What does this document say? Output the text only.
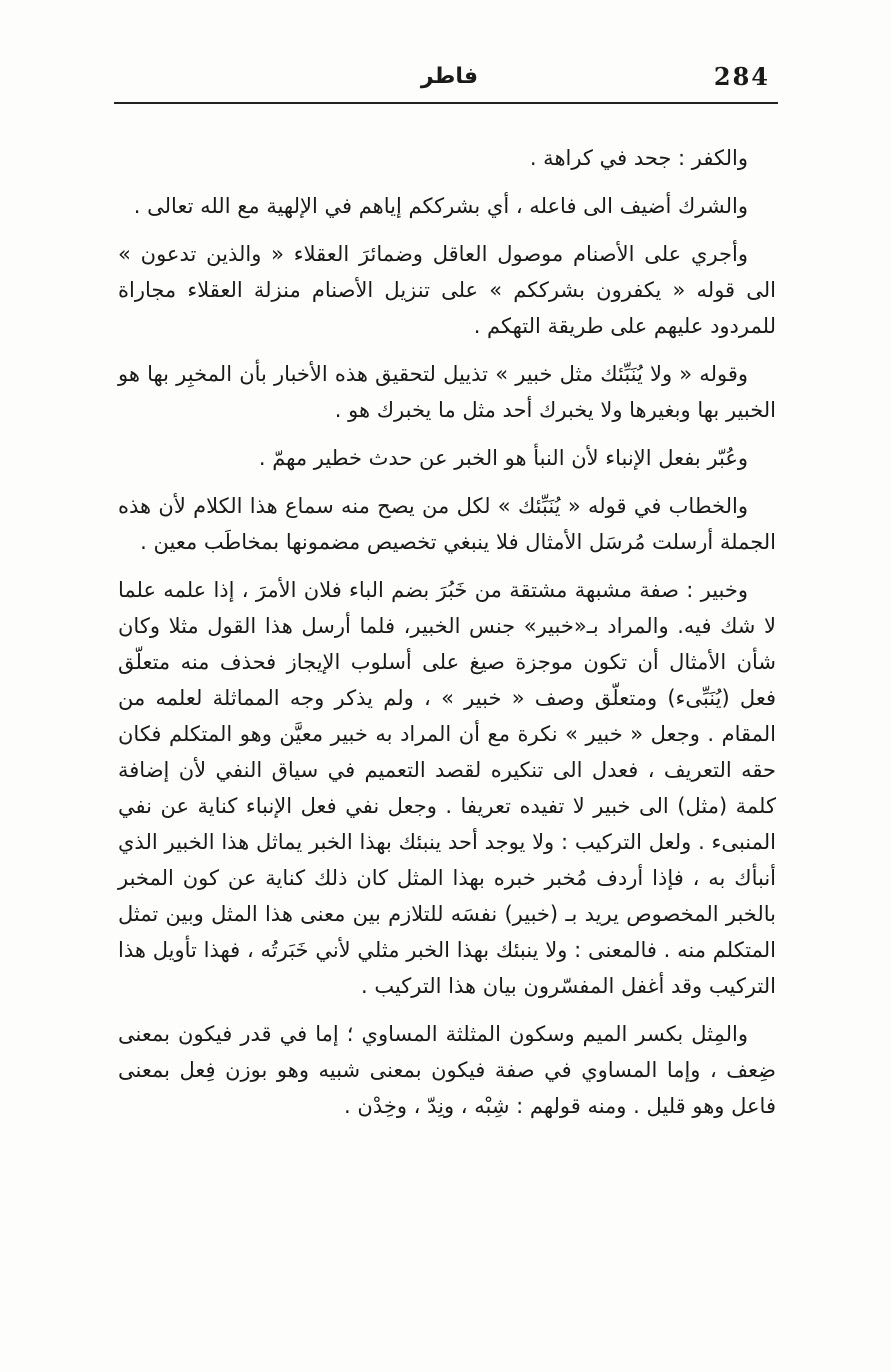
284
فاطر

والكفر : جحد في كراهة .

والشرك أضيف الى فاعله ، أي بشرككم إياهم في الإلهية مع الله تعالى .

وأجري على الأصنام موصول العاقل وضمائرَ العقلاء « والذين تدعون » الى قوله « يكفرون بشرككم » على تنزيل الأصنام منزلة العقلاء مجاراة للمردود عليهم على طريقة التهكم .

وقوله « ولا يُنَبِّئك مثل خبير » تذييل لتحقيق هذه الأخبار بأن المخبِر بها هو الخبير بها وبغيرها ولا يخبرك أحد مثل ما يخبرك هو .

وعُبّر بفعل الإنباء لأن النبأ هو الخبر عن حدث خطير مهمّ .

والخطاب في قوله « يُنَبِّئك » لكل من يصح منه سماع هذا الكلام لأن هذه الجملة أرسلت مُرسَل الأمثال فلا ينبغي تخصيص مضمونها بمخاطَب معين .

وخبير : صفة مشبهة مشتقة من خَبُرَ بضم الباء فلان الأمرَ ، إذا علمه علما لا شك فيه. والمراد بـ«خبير» جنس الخبير، فلما أرسل هذا القول مثلا وكان شأن الأمثال أن تكون موجزة صيغ على أسلوب الإيجاز فحذف منه متعلّق فعل (يُنَبِّىء) ومتعلّق وصف « خبير » ، ولم يذكر وجه المماثلة لعلمه من المقام . وجعل « خبير » نكرة مع أن المراد به خبير معيَّن وهو المتكلم فكان حقه التعريف ، فعدل الى تنكيره لقصد التعميم في سياق النفي لأن إضافة كلمة (مثل) الى خبير لا تفيده تعريفا . وجعل نفي فعل الإنباء كناية عن نفي المنبىء . ولعل التركيب : ولا يوجد أحد ينبئك بهذا الخبر يماثل هذا الخبير الذي أنبأك به ، فإذا أردف مُخبر خبره بهذا المثل كان ذلك كناية عن كون المخبر بالخبر المخصوص يريد بـ (خبير) نفسَه للتلازم بين معنى هذا المثل وبين تمثل المتكلم منه . فالمعنى : ولا ينبئك بهذا الخبر مثلي لأني خَبَرتُه ، فهذا تأويل هذا التركيب وقد أغفل المفسّرون بيان هذا التركيب .

والمِثل بكسر الميم وسكون المثلثة المساوي ؛ إما في قدر فيكون بمعنى ضِعف ، وإما المساوي في صفة فيكون بمعنى شبيه وهو بوزن فِعل بمعنى فاعل وهو قليل . ومنه قولهم : شِبْه ، ونِدّ ، وخِدْن .
